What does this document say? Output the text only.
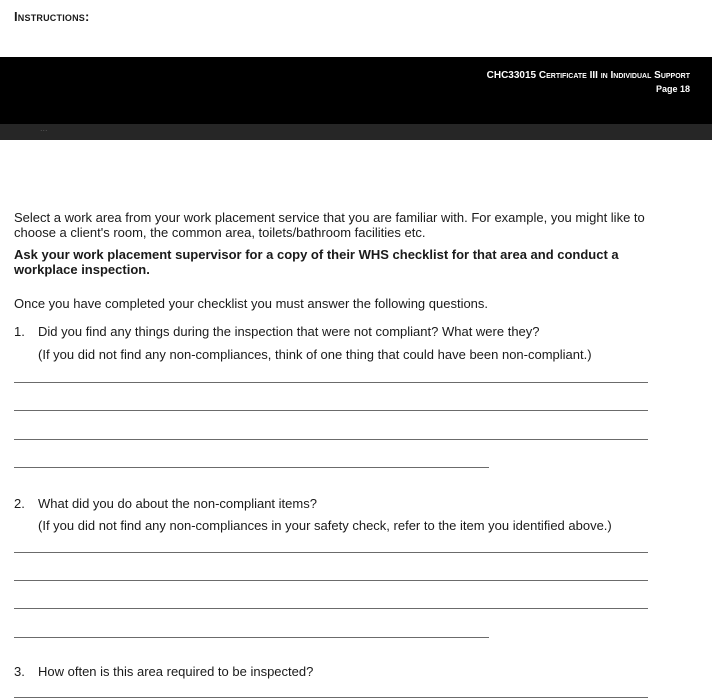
Instructions:
...
CHC33015 Certificate III in Individual Support
Page 18
Select a work area from your work placement service that you are familiar with. For example, you might like to choose a client's room, the common area, toilets/bathroom facilities etc.
Ask your work placement supervisor for a copy of their WHS checklist for that area and conduct a workplace inspection.
Once you have completed your checklist you must answer the following questions.
1. Did you find any things during the inspection that were not compliant? What were they?
(If you did not find any non-compliances, think of one thing that could have been non-compliant.)
2. What did you do about the non-compliant items?
(If you did not find any non-compliances in your safety check, refer to the item you identified above.)
3. How often is this area required to be inspected?
